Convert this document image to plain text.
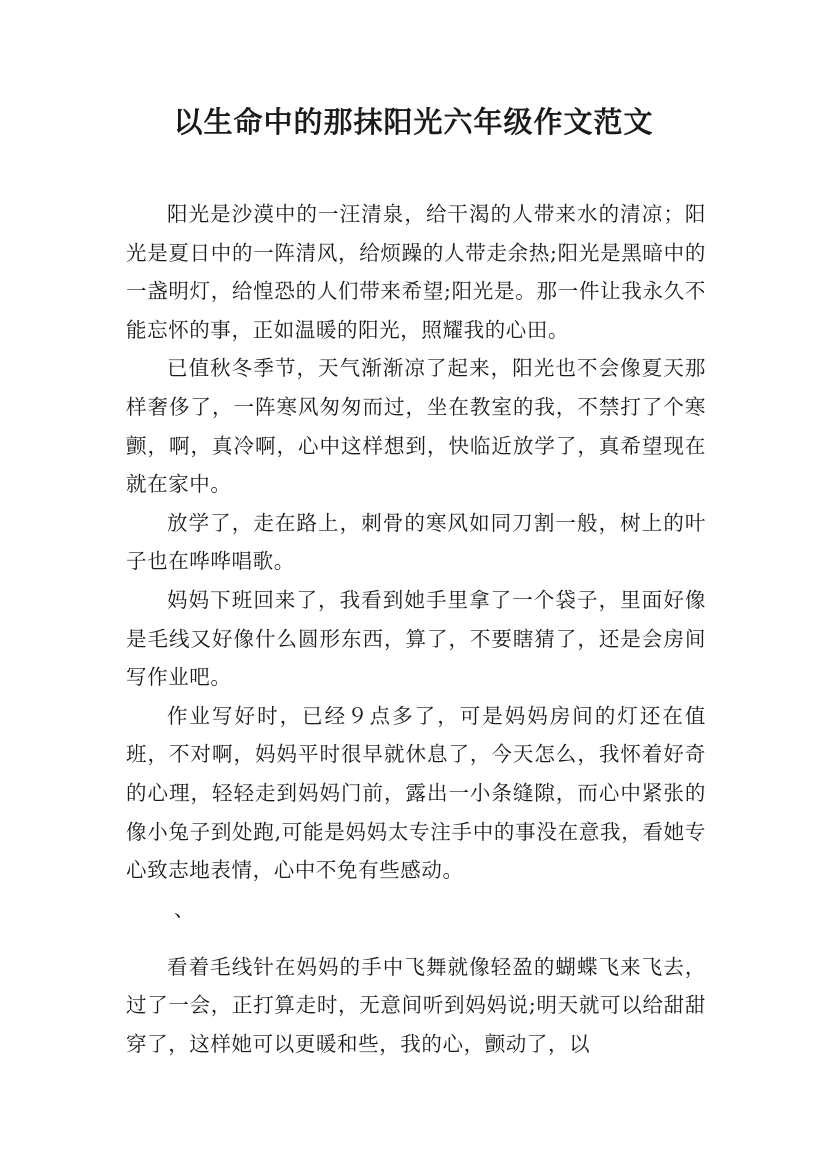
以生命中的那抹阳光六年级作文范文

阳光是沙漠中的一汪清泉，给干渴的人带来水的清凉；阳光是夏日中的一阵清风，给烦躁的人带走余热;阳光是黑暗中的一盏明灯，给惶恐的人们带来希望;阳光是。那一件让我永久不能忘怀的事，正如温暖的阳光，照耀我的心田。

已值秋冬季节，天气渐渐凉了起来，阳光也不会像夏天那样奢侈了，一阵寒风匆匆而过，坐在教室的我，不禁打了个寒颤，啊，真冷啊，心中这样想到，快临近放学了，真希望现在就在家中。

放学了，走在路上，刺骨的寒风如同刀割一般，树上的叶子也在哗哗唱歌。

妈妈下班回来了，我看到她手里拿了一个袋子，里面好像是毛线又好像什么圆形东西，算了，不要瞎猜了，还是会房间写作业吧。

作业写好时，已经９点多了，可是妈妈房间的灯还在值班，不对啊，妈妈平时很早就休息了，今天怎么，我怀着好奇的心理，轻轻走到妈妈门前，露出一小条缝隙，而心中紧张的像小兔子到处跑,可能是妈妈太专注手中的事没在意我，看她专心致志地表情，心中不免有些感动。

、

看着毛线针在妈妈的手中飞舞就像轻盈的蝴蝶飞来飞去，过了一会，正打算走时，无意间听到妈妈说;明天就可以给甜甜穿了，这样她可以更暖和些，我的心，颤动了，以
